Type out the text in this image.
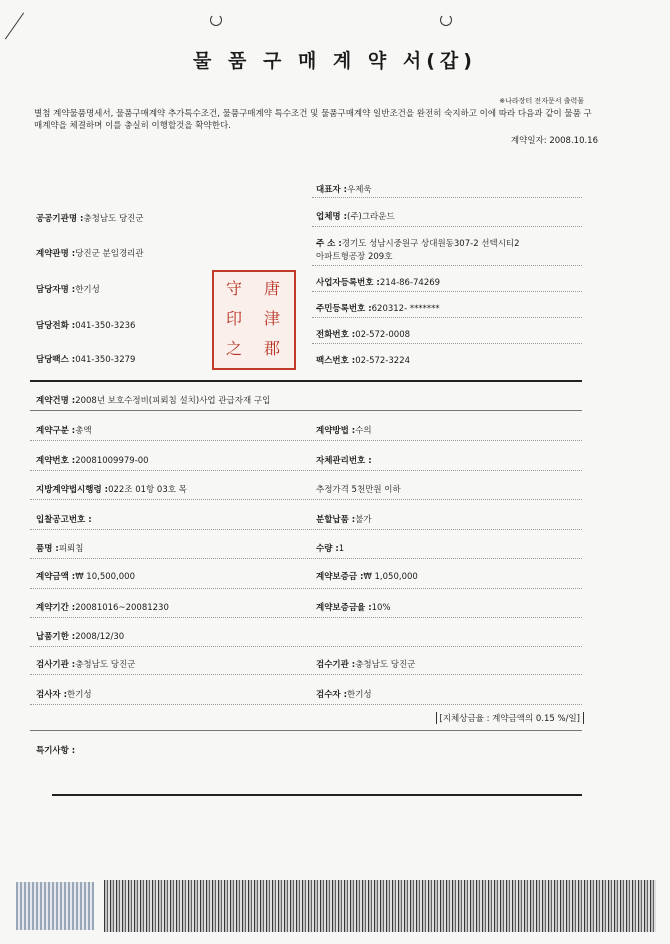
물 품 구 매 계 약 서(갑)
※나라장터 전자문서 출력물
별첨 계약물품명세서, 물품구매계약 추가특수조건, 물품구매계약 특수조건 및 물품구매계약 일반조건을 완전히 숙지하고 이에 따라 다음과 같이 물품 구매계약을 체결하며 이를 충실히 이행할것을 확약한다.
계약일자: 2008.10.16
공공기관명 :충청남도 당진군
계약관명 :당진군 분임경리관
담당자명 :한기성
담당전화 :041-350-3236
담당팩스 :041-350-3279
唐
津
郡
守
印
之
대표자 :우제욱
업체명 :(주)그라운드
주 소 :경기도 성남시중원구 상대원동307-2 선텍시티2
아파트형공장 209호
사업자등록번호 :214-86-74269
주민등록번호 :620312- *******
전화번호 :02-572-0008
팩스번호 :02-572-3224
계약건명 :2008년 보호수정비(피뢰침 설치)사업 관급자재 구입
계약구분 :총액	계약방법 :수의
계약번호 :20081009979-00	자체관리번호 :
지방계약법시행령 :022조 01항 03호 목	추정가격 5천만원 이하
입찰공고번호 :	분할납품 :불가
품명 :피뢰침	수량 :1
계약금액 :₩ 10,500,000	계약보증금 :₩ 1,050,000
계약기간 :20081016~20081230	계약보증금율 :10%
납품기한 :2008/12/30
검사기관 :충청남도 당진군	검수기관 :충청남도 당진군
검사자 :한기성	검수자 :한기성
[지체상금율 : 계약금액의 0.15 %/일]
특기사항 :
